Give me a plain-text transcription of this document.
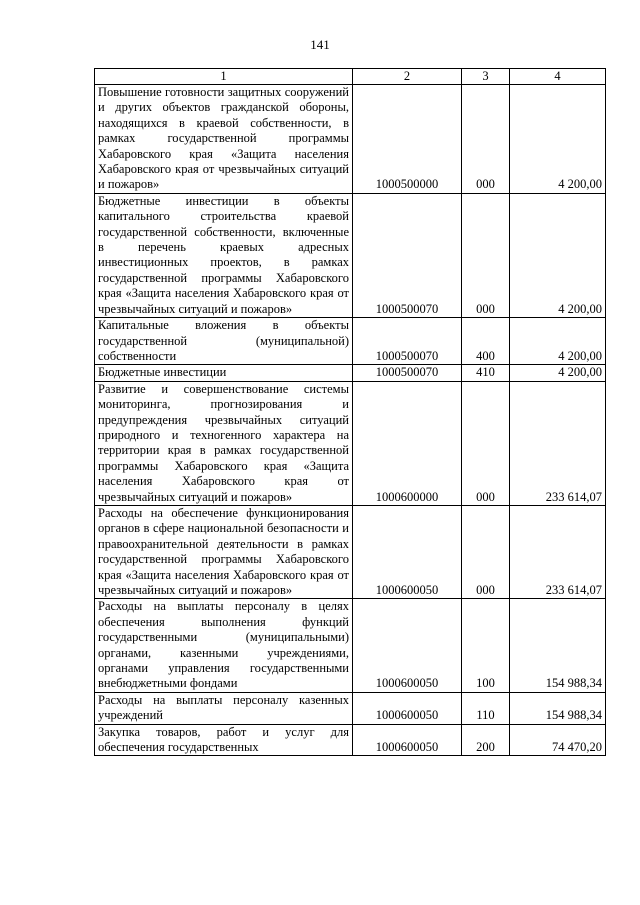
141
1	2	3	4
Повышение готовности защитных сооружений и других объектов гражданской обороны, находящихся в краевой собственности, в рамках государственной программы Хабаровского края «Защита населения Хабаровского края от чрезвычайных ситуаций и пожаров»	1000500000	000	4 200,00
Бюджетные инвестиции в объекты капитального строительства краевой государственной собственности, включенные в перечень краевых адресных инвестиционных проектов, в рамках государственной программы Хабаровского края «Защита населения Хабаровского края от чрезвычайных ситуаций и пожаров»	1000500070	000	4 200,00
Капитальные вложения в объекты государственной (муниципальной) собственности	1000500070	400	4 200,00
Бюджетные инвестиции	1000500070	410	4 200,00
Развитие и совершенствование системы мониторинга, прогнозирования и предупреждения чрезвычайных ситуаций природного и техногенного характера на территории края в рамках государственной программы Хабаровского края «Защита населения Хабаровского края от чрезвычайных ситуаций и пожаров»	1000600000	000	233 614,07
Расходы на обеспечение функционирования органов в сфере национальной безопасности и правоохранительной деятельности в рамках государственной программы Хабаровского края «Защита населения Хабаровского края от чрезвычайных ситуаций и пожаров»	1000600050	000	233 614,07
Расходы на выплаты персоналу в целях обеспечения выполнения функций государственными (муниципальными) органами, казенными учреждениями, органами управления государственными внебюджетными фондами	1000600050	100	154 988,34
Расходы на выплаты персоналу казенных учреждений	1000600050	110	154 988,34
Закупка товаров, работ и услуг для обеспечения государственных	1000600050	200	74 470,20
